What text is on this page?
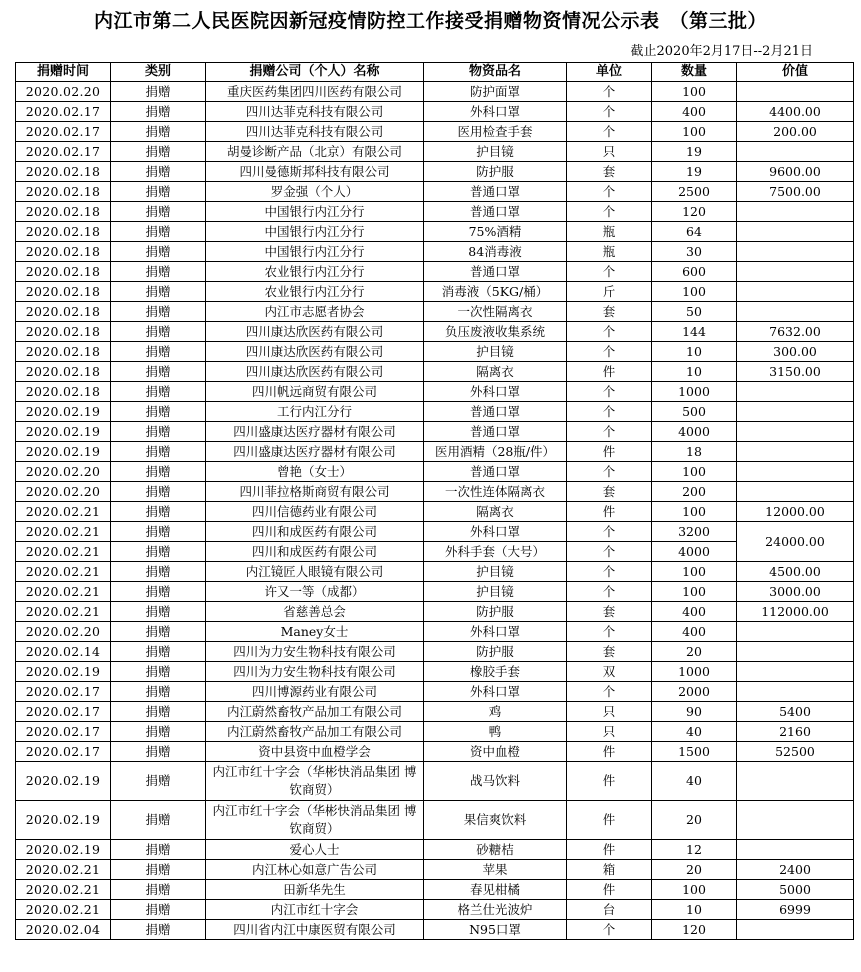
内江市第二人民医院因新冠疫情防控工作接受捐赠物资情况公示表　（第三批）
截止2020年2月17日--2月21日
捐赠时间	类别	捐赠公司（个人）名称	物资品名	单位	数量	价值
2020.02.20	捐赠	重庆医药集团四川医药有限公司	防护面罩	个	100	
2020.02.17	捐赠	四川达菲克科技有限公司	外科口罩	个	400	4400.00
2020.02.17	捐赠	四川达菲克科技有限公司	医用检查手套	个	100	200.00
2020.02.17	捐赠	胡曼诊断产品（北京）有限公司	护目镜	只	19	
2020.02.18	捐赠	四川曼德斯邦科技有限公司	防护服	套	19	9600.00
2020.02.18	捐赠	罗金强（个人）	普通口罩	个	2500	7500.00
2020.02.18	捐赠	中国银行内江分行	普通口罩	个	120	
2020.02.18	捐赠	中国银行内江分行	75%酒精	瓶	64	
2020.02.18	捐赠	中国银行内江分行	84消毒液	瓶	30	
2020.02.18	捐赠	农业银行内江分行	普通口罩	个	600	
2020.02.18	捐赠	农业银行内江分行	消毒液（5KG/桶）	斤	100	
2020.02.18	捐赠	内江市志愿者协会	一次性隔离衣	套	50	
2020.02.18	捐赠	四川康达欣医药有限公司	负压废液收集系统	个	144	7632.00
2020.02.18	捐赠	四川康达欣医药有限公司	护目镜	个	10	300.00
2020.02.18	捐赠	四川康达欣医药有限公司	隔离衣	件	10	3150.00
2020.02.18	捐赠	四川帆远商贸有限公司	外科口罩	个	1000	
2020.02.19	捐赠	工行内江分行	普通口罩	个	500	
2020.02.19	捐赠	四川盛康达医疗器材有限公司	普通口罩	个	4000	
2020.02.19	捐赠	四川盛康达医疗器材有限公司	医用酒精（28瓶/件）	件	18	
2020.02.20	捐赠	曾艳（女士）	普通口罩	个	100	
2020.02.20	捐赠	四川菲拉格斯商贸有限公司	一次性连体隔离衣	套	200	
2020.02.21	捐赠	四川信德药业有限公司	隔离衣	件	100	12000.00
2020.02.21	捐赠	四川和成医药有限公司	外科口罩	个	3200	24000.00
2020.02.21	捐赠	四川和成医药有限公司	外科手套（大号）	个	4000	
2020.02.21	捐赠	内江镜匠人眼镜有限公司	护目镜	个	100	4500.00
2020.02.21	捐赠	许又一等（成都）	护目镜	个	100	3000.00
2020.02.21	捐赠	省慈善总会	防护服	套	400	112000.00
2020.02.20	捐赠	Maney女士	外科口罩	个	400	
2020.02.14	捐赠	四川为力安生物科技有限公司	防护服	套	20	
2020.02.19	捐赠	四川为力安生物科技有限公司	橡胶手套	双	1000	
2020.02.17	捐赠	四川博源药业有限公司	外科口罩	个	2000	
2020.02.17	捐赠	内江蔚然畜牧产品加工有限公司	鸡	只	90	5400
2020.02.17	捐赠	内江蔚然畜牧产品加工有限公司	鸭	只	40	2160
2020.02.17	捐赠	资中县资中血橙学会	资中血橙	件	1500	52500
2020.02.19	捐赠	内江市红十字会（华彬快消品集团 博钦商贸）	战马饮料	件	40	
2020.02.19	捐赠	内江市红十字会（华彬快消品集团 博钦商贸）	果信爽饮料	件	20	
2020.02.19	捐赠	爱心人士	砂糖桔	件	12	
2020.02.21	捐赠	内江林心如意广告公司	苹果	箱	20	2400
2020.02.21	捐赠	田新华先生	春见柑橘	件	100	5000
2020.02.21	捐赠	内江市红十字会	格兰仕光波炉	台	10	6999
2020.02.04	捐赠	四川省内江中康医贸有限公司	N95口罩	个	120	
